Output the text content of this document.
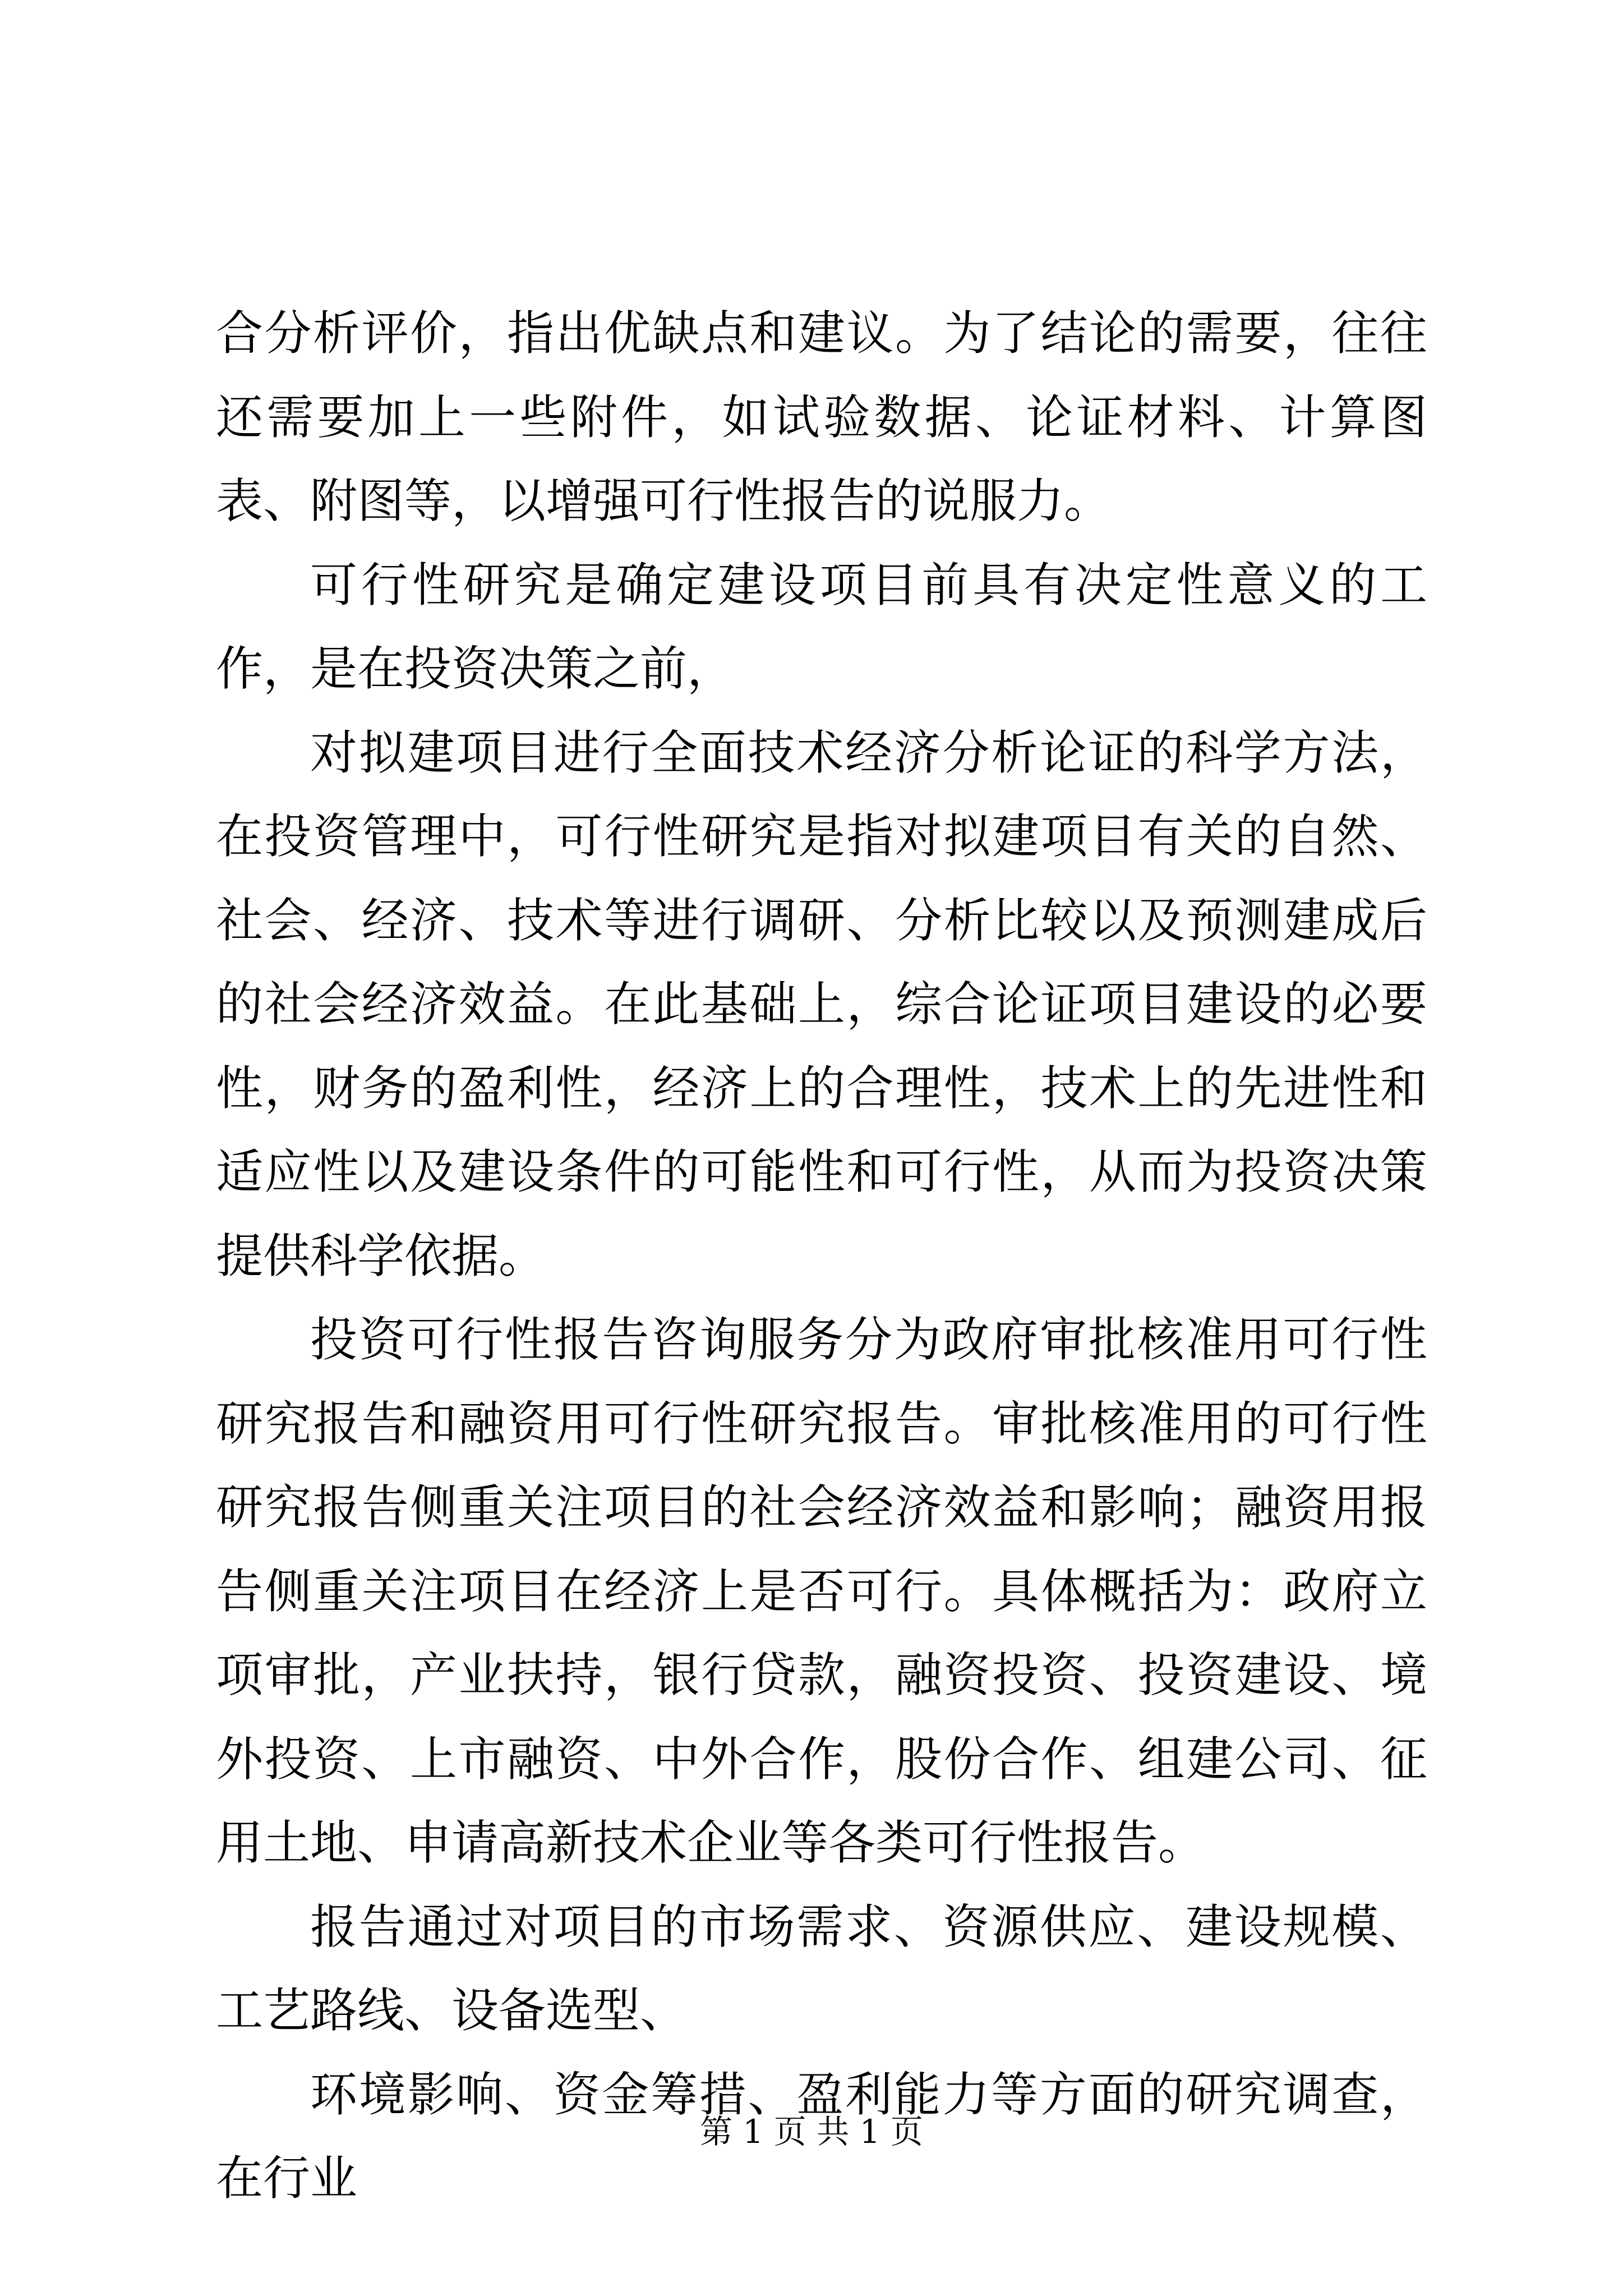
合分析评价，指出优缺点和建议。为了结论的需要，往往还需要加上一些附件，如试验数据、论证材料、计算图表、附图等，以增强可行性报告的说服力。

可行性研究是确定建设项目前具有决定性意义的工作，是在投资决策之前，

对拟建项目进行全面技术经济分析论证的科学方法，在投资管理中，可行性研究是指对拟建项目有关的自然、社会、经济、技术等进行调研、分析比较以及预测建成后的社会经济效益。在此基础上，综合论证项目建设的必要性，财务的盈利性，经济上的合理性，技术上的先进性和适应性以及建设条件的可能性和可行性，从而为投资决策提供科学依据。

投资可行性报告咨询服务分为政府审批核准用可行性研究报告和融资用可行性研究报告。审批核准用的可行性研究报告侧重关注项目的社会经济效益和影响；融资用报告侧重关注项目在经济上是否可行。具体概括为：政府立项审批，产业扶持，银行贷款，融资投资、投资建设、境外投资、上市融资、中外合作，股份合作、组建公司、征用土地、申请高新技术企业等各类可行性报告。

报告通过对项目的市场需求、资源供应、建设规模、工艺路线、设备选型、

环境影响、资金筹措、盈利能力等方面的研究调查，在行业

第 1 页 共 1 页
